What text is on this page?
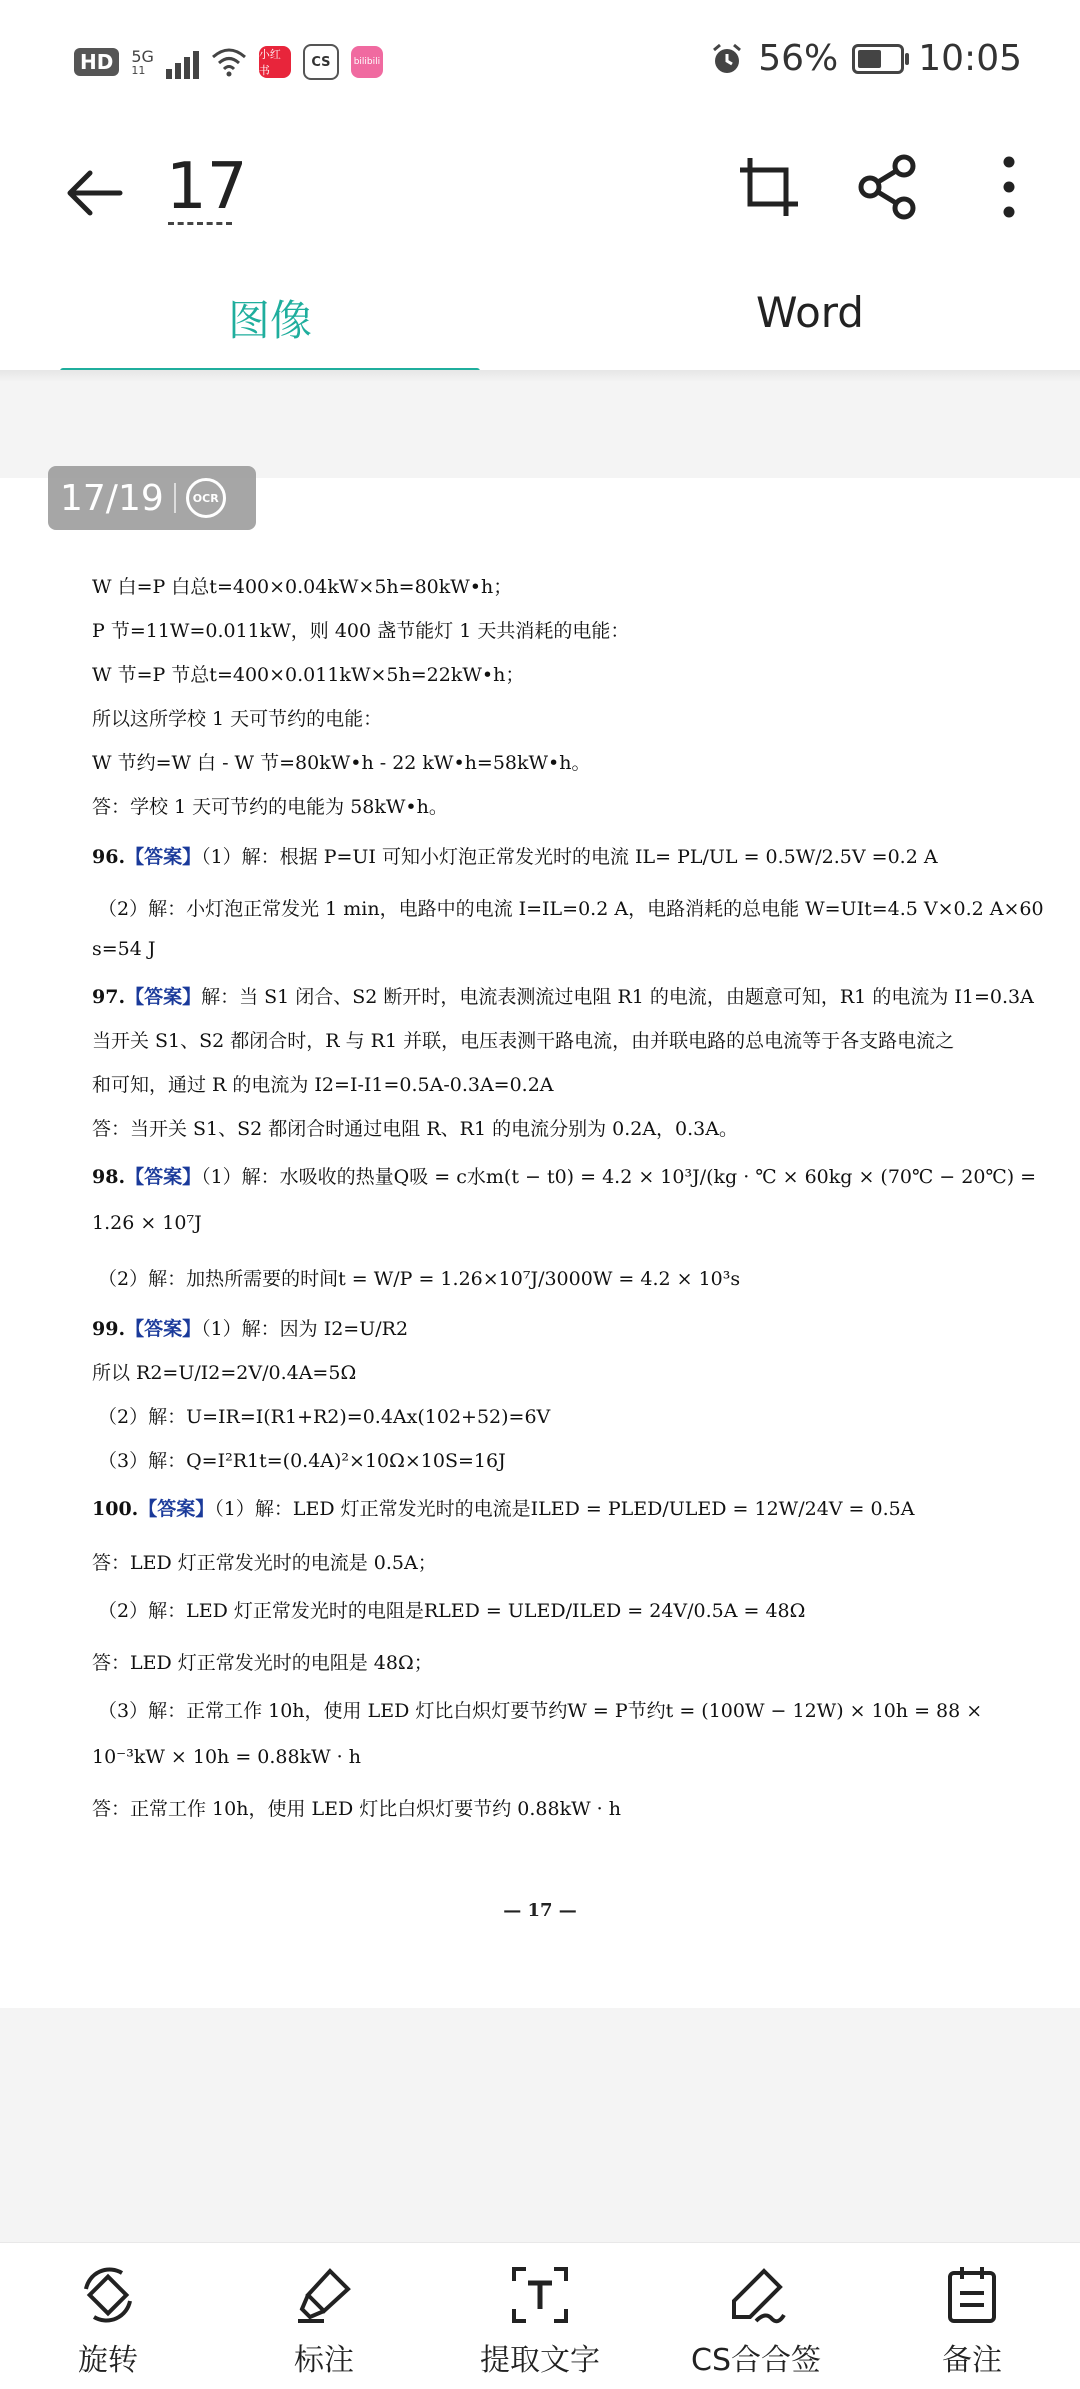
HD	5G
11
小红书
CS	bilibili	56% 10:05
17
图像	Word
17/19	OCR
W 白=P 白总t=400×0.04kW×5h=80kW•h；
P 节=11W=0.011kW，则 400 盏节能灯 1 天共消耗的电能：
W 节=P 节总t=400×0.011kW×5h=22kW•h；
所以这所学校 1 天可节约的电能：
W 节约=W 白 - W 节=80kW•h - 22 kW•h=58kW•h。
答：学校 1 天可节约的电能为 58kW•h。
96.【答案】（1）解：根据 P=UI 可知小灯泡正常发光时的电流 IL= PL/UL = 0.5W/2.5V =0.2 A
（2）解：小灯泡正常发光 1 min，电路中的电流 I=IL=0.2 A，电路消耗的总电能 W=UIt=4.5 V×0.2 A×60
s=54 J
97.【答案】解：当 S1 闭合、S2 断开时，电流表测流过电阻 R1 的电流，由题意可知，R1 的电流为 I1=0.3A
当开关 S1、S2 都闭合时，R 与 R1 并联，电压表测干路电流，由并联电路的总电流等于各支路电流之
和可知，通过 R 的电流为 I2=I-I1=0.5A-0.3A=0.2A
答：当开关 S1、S2 都闭合时通过电阻 R、R1 的电流分别为 0.2A，0.3A。
98.【答案】（1）解：水吸收的热量Q吸 = c水m(t − t0) = 4.2 × 10³J/(kg · ℃ × 60kg × (70℃ − 20℃) =
1.26 × 10⁷J
（2）解：加热所需要的时间t = W/P = 1.26×10⁷J/3000W = 4.2 × 10³s
99.【答案】（1）解：因为 I2=U/R2
所以 R2=U/I2=2V/0.4A=5Ω
（2）解：U=IR=I(R1+R2)=0.4Ax(102+52)=6V
（3）解：Q=I²R1t=(0.4A)²×10Ω×10S=16J
100.【答案】（1）解：LED 灯正常发光时的电流是ILED = PLED/ULED = 12W/24V = 0.5A
答：LED 灯正常发光时的电流是 0.5A；
（2）解：LED 灯正常发光时的电阻是RLED = ULED/ILED = 24V/0.5A = 48Ω
答：LED 灯正常发光时的电阻是 48Ω；
（3）解：正常工作 10h，使用 LED 灯比白炽灯要节约W = P节约t = (100W − 12W) × 10h = 88 ×
10⁻³kW × 10h = 0.88kW · h
答：正常工作 10h，使用 LED 灯比白炽灯要节约 0.88kW · h
— 17 —
旋转	标注	提取文字	CS合合签	备注
